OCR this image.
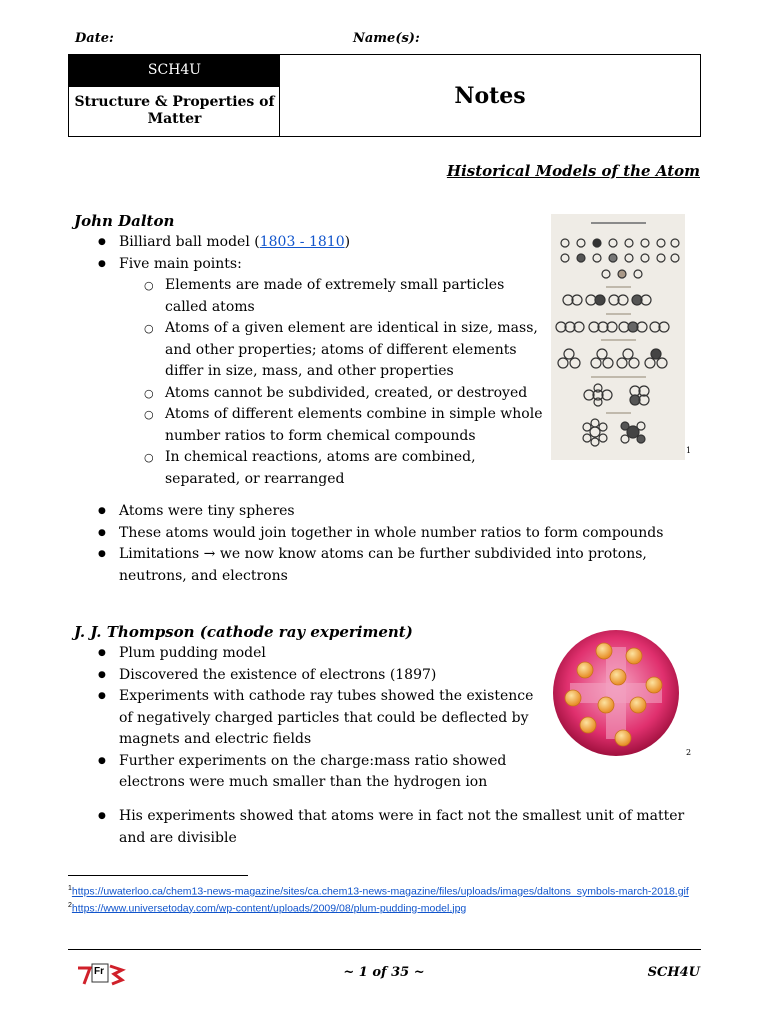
Date:	Name(s):
SCH4U
Structure & Properties of Matter
Notes
Historical Models of the Atom
John Dalton
● Billiard ball model (1803 - 1810)
● Five main points:
○ Elements are made of extremely small particles called atoms
○ Atoms of a given element are identical in size, mass, and other properties; atoms of different elements differ in size, mass, and other properties
○ Atoms cannot be subdivided, created, or destroyed
○ Atoms of different elements combine in simple whole number ratios to form chemical compounds
○ In chemical reactions, atoms are combined, separated, or rearranged
1
● Atoms were tiny spheres
● These atoms would join together in whole number ratios to form compounds
● Limitations → we now know atoms can be further subdivided into protons, neutrons, and electrons
J. J. Thompson (cathode ray experiment)
● Plum pudding model
● Discovered the existence of electrons (1897)
● Experiments with cathode ray tubes showed the existence of negatively charged particles that could be deflected by magnets and electric fields
● Further experiments on the charge:mass ratio showed electrons were much smaller than the hydrogen ion
2
● His experiments showed that atoms were in fact not the smallest unit of matter and are divisible
$^1$https://uwaterloo.ca/chem13-news-magazine/sites/ca.chem13-news-magazine/files/uploads/images/daltons_symbols-march-2018.gif
$^2$https://www.universetoday.com/wp-content/uploads/2009/08/plum-pudding-model.jpg
Fr	~ 1 of 35 ~	SCH4U
